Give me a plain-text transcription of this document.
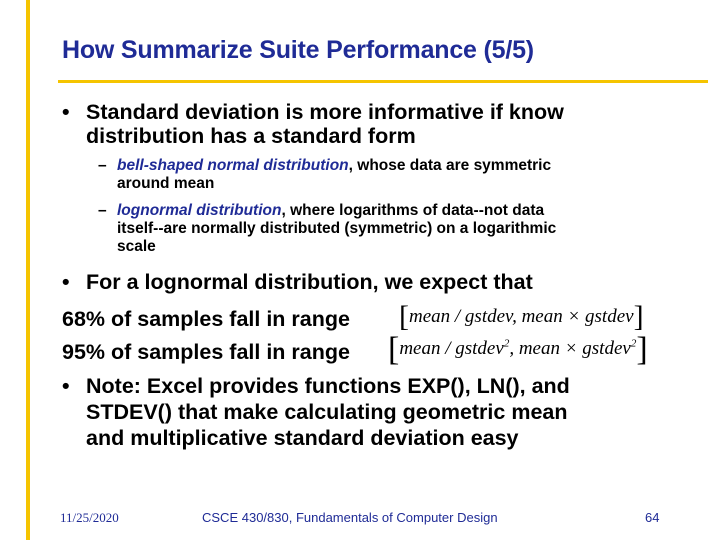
How Summarize Suite Performance (5/5)
• Standard deviation is more informative if know
distribution has a standard form
– bell-shaped normal distribution, whose data are symmetric
around mean
– lognormal distribution, where logarithms of data--not data
itself--are normally distributed (symmetric) on a logarithmic
scale
• For a lognormal distribution, we expect that
68% of samples fall in range [mean / gstdev, mean × gstdev]
95% of samples fall in range [mean / gstdev$^2$, mean × gstdev$^2$]
• Note: Excel provides functions EXP(), LN(), and
STDEV() that make calculating geometric mean
and multiplicative standard deviation easy
11/25/2020	CSCE 430/830, Fundamentals of Computer Design	64
